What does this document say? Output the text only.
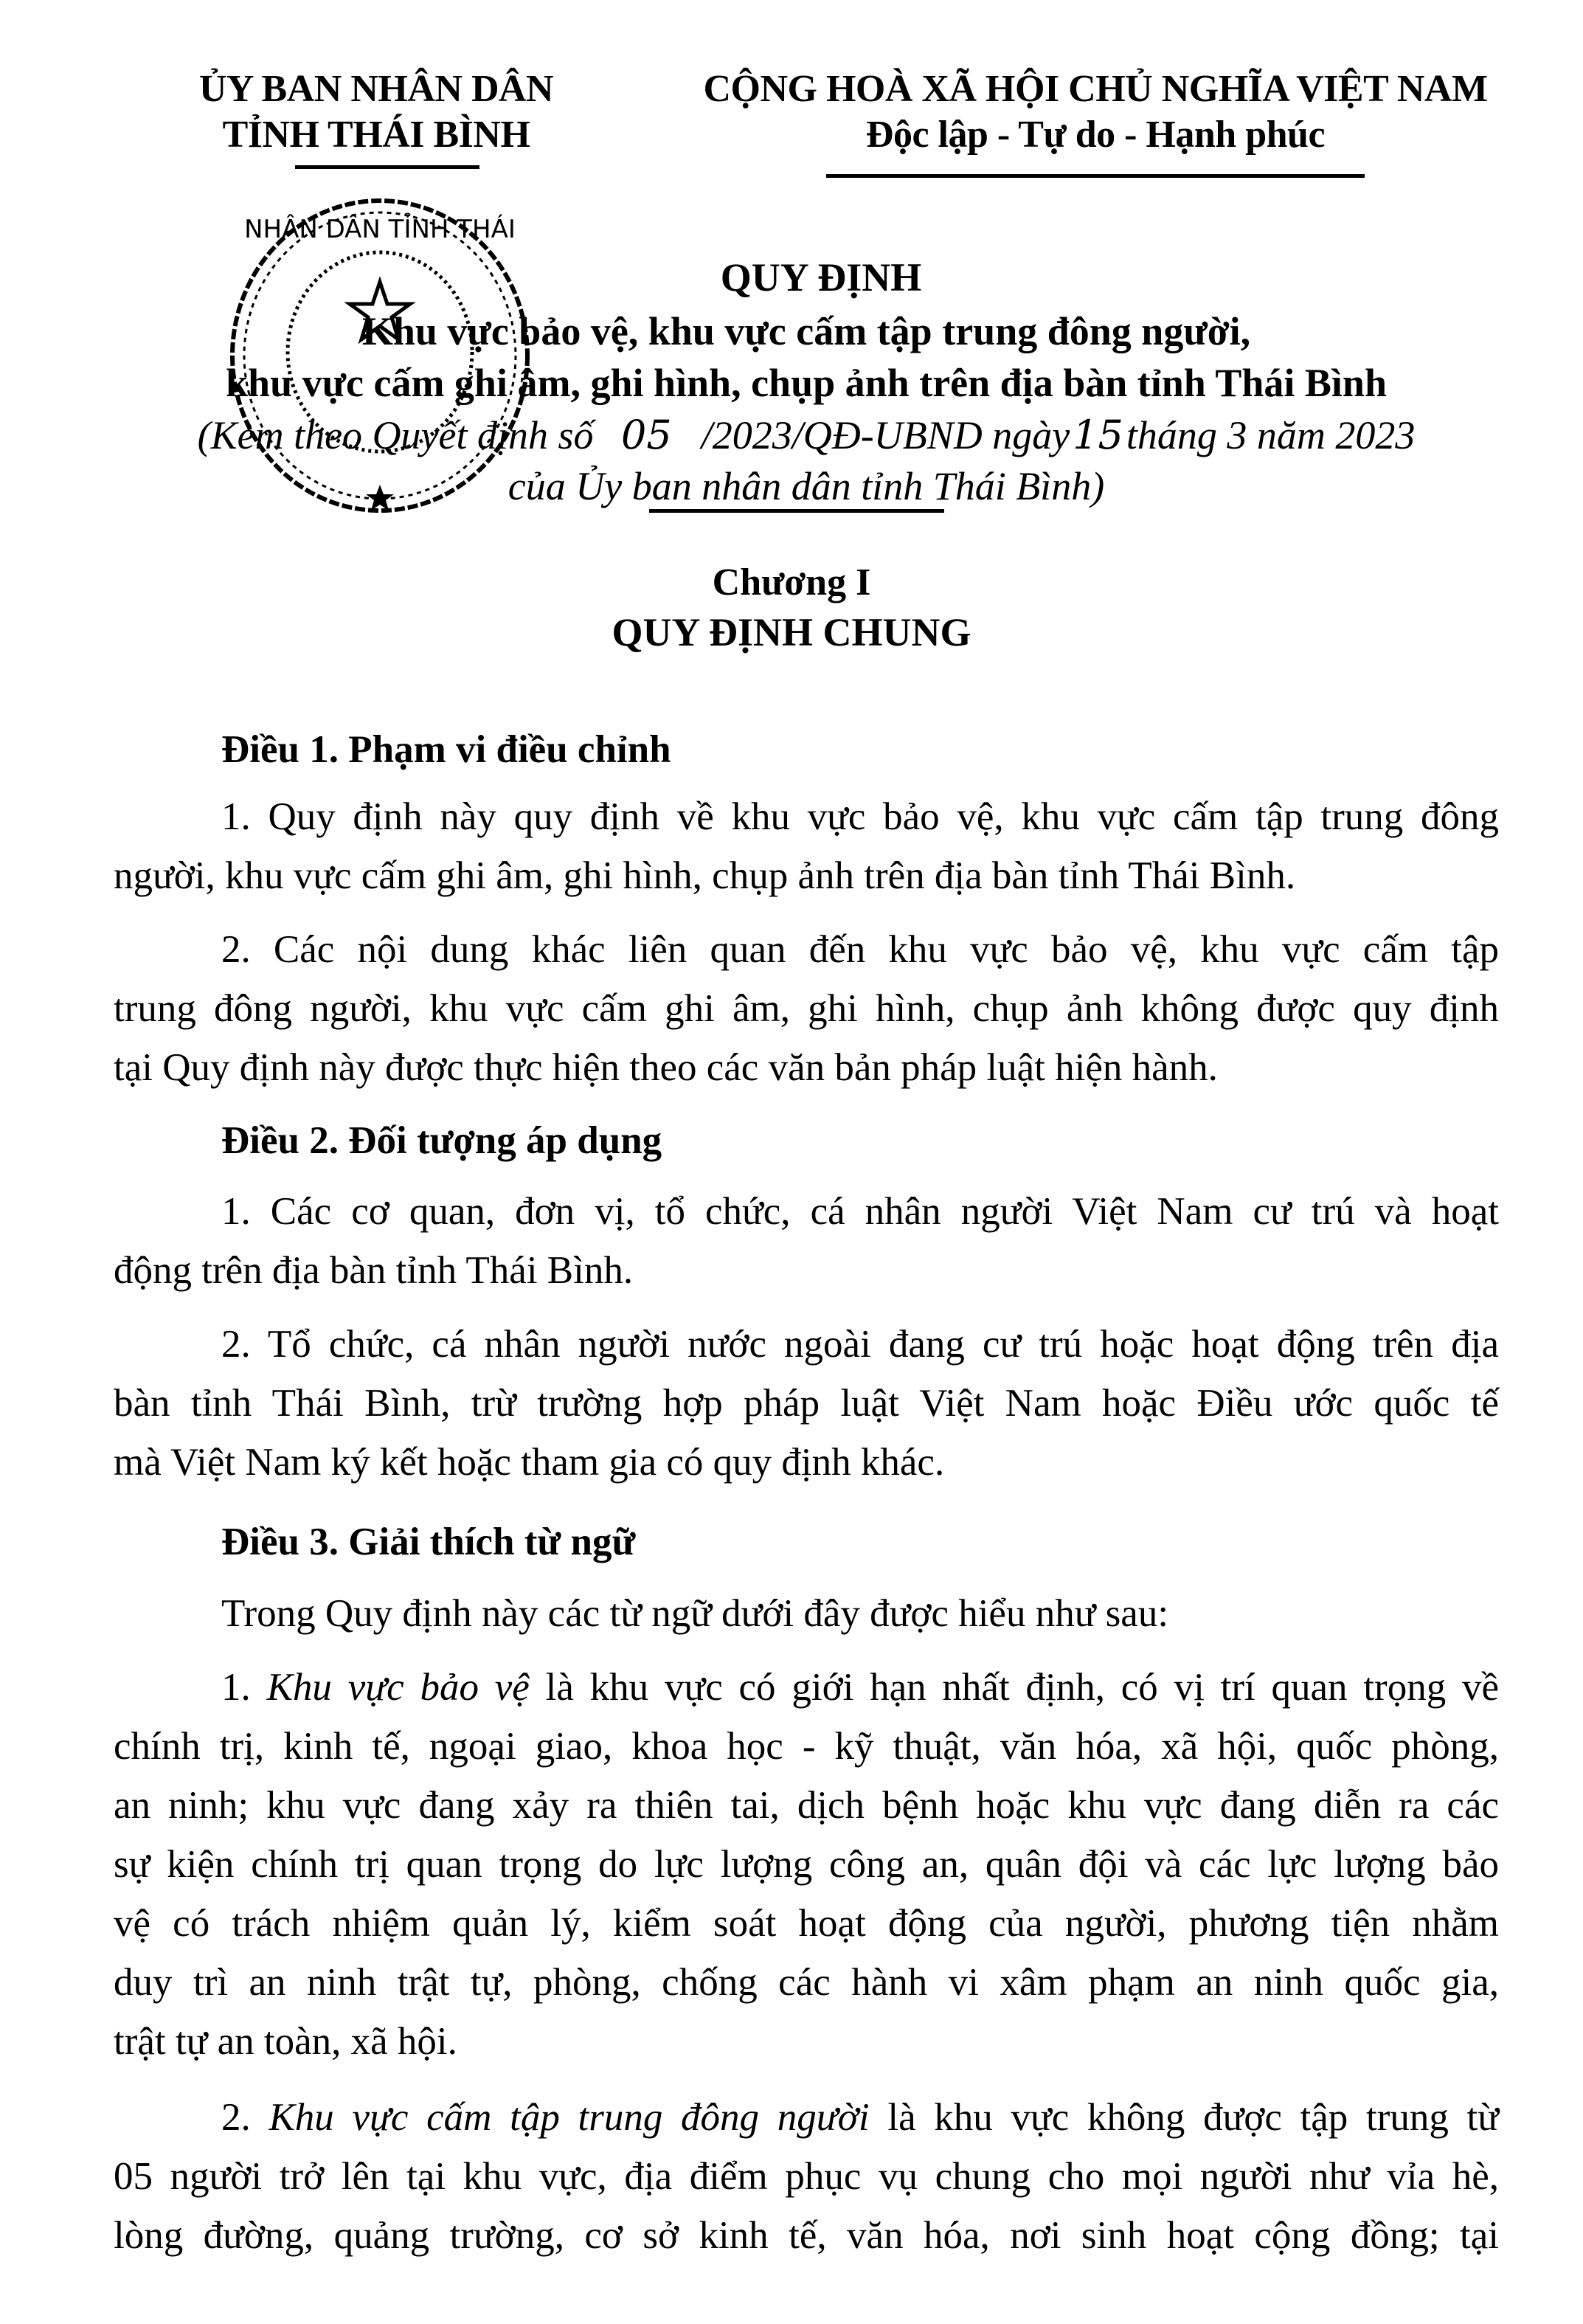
ỦY BAN NHÂN DÂN
TỈNH THÁI BÌNH
CỘNG HOÀ XÃ HỘI CHỦ NGHĨA VIỆT NAM
Độc lập - Tự do - Hạnh phúc
NHÂN DÂN TỈNH THÁI
QUY ĐỊNH
Khu vực bảo vệ, khu vực cấm tập trung đông người,
khu vực cấm ghi âm, ghi hình, chụp ảnh trên địa bàn tỉnh Thái Bình
(Kèm theo Quyết định số 05 /2023/QĐ-UBND ngày15tháng 3 năm 2023
của Ủy ban nhân dân tỉnh Thái Bình)
Chương I
QUY ĐỊNH CHUNG
Điều 1. Phạm vi điều chỉnh
1. Quy định này quy định về khu vực bảo vệ, khu vực cấm tập trung đông
người, khu vực cấm ghi âm, ghi hình, chụp ảnh trên địa bàn tỉnh Thái Bình.
2. Các nội dung khác liên quan đến khu vực bảo vệ, khu vực cấm tập
trung đông người, khu vực cấm ghi âm, ghi hình, chụp ảnh không được quy định
tại Quy định này được thực hiện theo các văn bản pháp luật hiện hành.
Điều 2. Đối tượng áp dụng
1. Các cơ quan, đơn vị, tổ chức, cá nhân người Việt Nam cư trú và hoạt
động trên địa bàn tỉnh Thái Bình.
2. Tổ chức, cá nhân người nước ngoài đang cư trú hoặc hoạt động trên địa
bàn tỉnh Thái Bình, trừ trường hợp pháp luật Việt Nam hoặc Điều ước quốc tế
mà Việt Nam ký kết hoặc tham gia có quy định khác.
Điều 3. Giải thích từ ngữ
Trong Quy định này các từ ngữ dưới đây được hiểu như sau:
1. Khu vực bảo vệ là khu vực có giới hạn nhất định, có vị trí quan trọng về
chính trị, kinh tế, ngoại giao, khoa học - kỹ thuật, văn hóa, xã hội, quốc phòng,
an ninh; khu vực đang xảy ra thiên tai, dịch bệnh hoặc khu vực đang diễn ra các
sự kiện chính trị quan trọng do lực lượng công an, quân đội và các lực lượng bảo
vệ có trách nhiệm quản lý, kiểm soát hoạt động của người, phương tiện nhằm
duy trì an ninh trật tự, phòng, chống các hành vi xâm phạm an ninh quốc gia,
trật tự an toàn, xã hội.
2. Khu vực cấm tập trung đông người là khu vực không được tập trung từ
05 người trở lên tại khu vực, địa điểm phục vụ chung cho mọi người như vỉa hè,
lòng đường, quảng trường, cơ sở kinh tế, văn hóa, nơi sinh hoạt cộng đồng; tại
